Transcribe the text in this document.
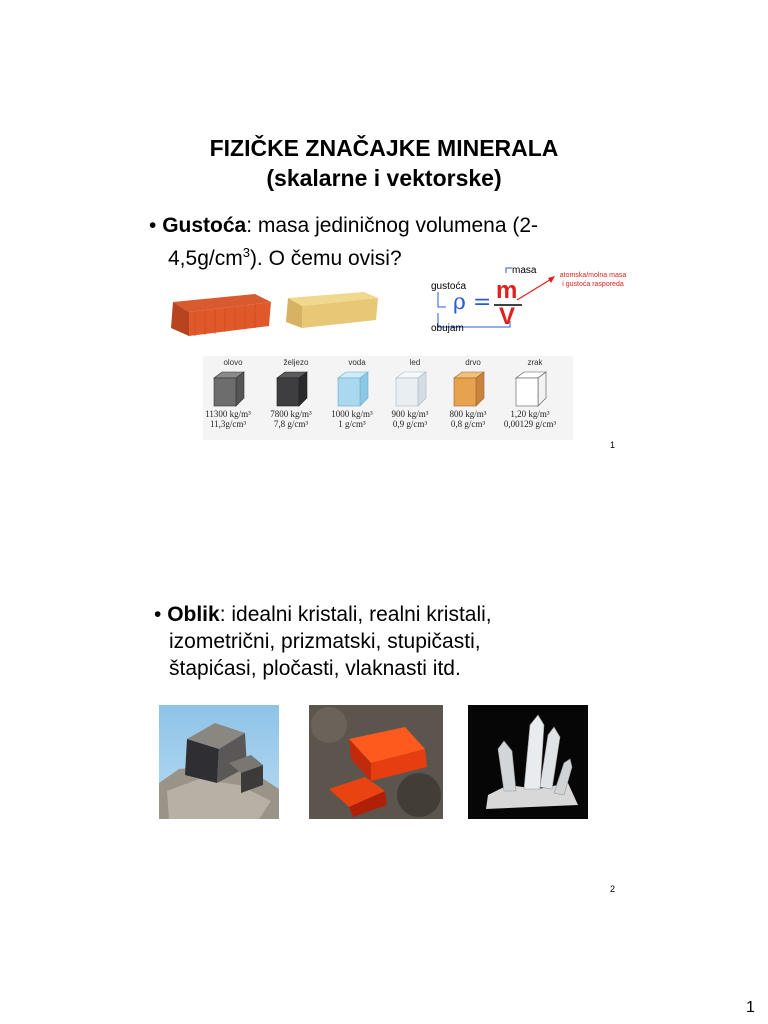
FIZIČKE ZNAČAJKE MINERALA
(skalarne i vektorske)
• Gustoća: masa jediničnog volumena (2-
$4,5g/cm^3$). O čemu ovisi?
gustoća
ρ = m
V
masa
obujam
atomska/molna masa
i gustoća rasporeda
olovo
11300 kg/m³
11,3g/cm³
željezo
7800 kg/m³
7,8 g/cm³
voda
1000 kg/m³
1 g/cm³
led
900 kg/m³
0,9 g/cm³
drvo
800 kg/m³
0,8 g/cm³
zrak
1,20 kg/m³
0,00129 g/cm³
1
• Oblik: idealni kristali, realni kristali,
izometrični, prizmatski, stupičasti,
štapićasi, pločasti, vlaknasti itd.
2
1
